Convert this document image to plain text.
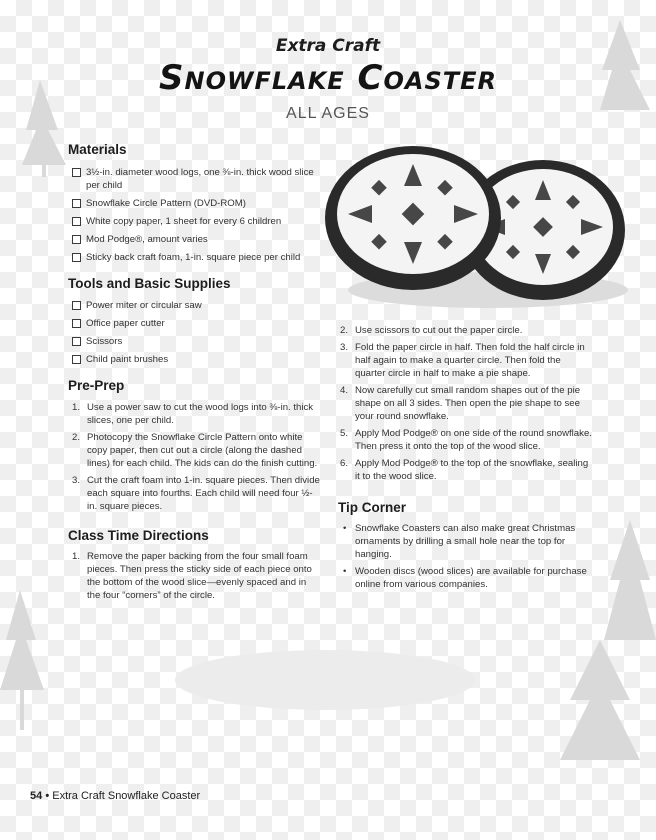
Extra Craft
Snowflake Coaster
ALL AGES
Materials
3½-in. diameter wood logs, one ⅜-in. thick wood slice per child
Snowflake Circle Pattern (DVD-ROM)
White copy paper, 1 sheet for every 6 children
Mod Podge®, amount varies
Sticky back craft foam, 1-in. square piece per child
Tools and Basic Supplies
Power miter or circular saw
Office paper cutter
Scissors
Child paint brushes
Pre-Prep
1. Use a power saw to cut the wood logs into ⅜-in. thick slices, one per child.
2. Photocopy the Snowflake Circle Pattern onto white copy paper, then cut out a circle (along the dashed lines) for each child. The kids can do the finish cutting.
3. Cut the craft foam into 1-in. square pieces. Then divide each square into fourths. Each child will need four ½-in. square pieces.
Class Time Directions
1. Remove the paper backing from the four small foam pieces. Then press the sticky side of each piece onto the bottom of the wood slice—evenly spaced and in the four “corners” of the circle.
2. Use scissors to cut out the paper circle.
3. Fold the paper circle in half. Then fold the half circle in half again to make a quarter circle. Then fold the quarter circle in half to make a pie shape.
4. Now carefully cut small random shapes out of the pie shape on all 3 sides. Then open the pie shape to see your round snowflake.
5. Apply Mod Podge® on one side of the round snowflake. Then press it onto the top of the wood slice.
6. Apply Mod Podge® to the top of the snowflake, sealing it to the wood slice.
Tip Corner
• Snowflake Coasters can also make great Christmas ornaments by drilling a small hole near the top for hanging.
• Wooden discs (wood slices) are available for purchase online from various companies.
54 • Extra Craft Snowflake Coaster
